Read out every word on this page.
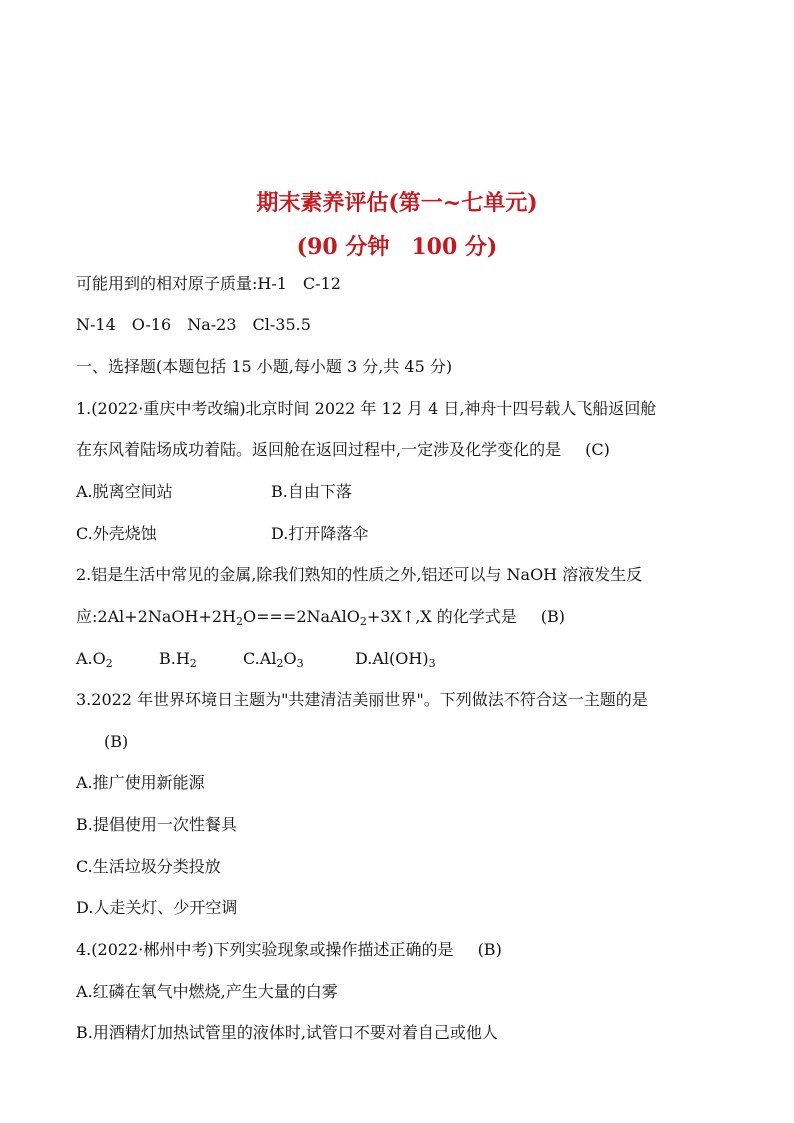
期末素养评估(第一~七单元)
(90 分钟　100 分)
可能用到的相对原子质量:H-1　C-12
N-14　O-16　Na-23　Cl-35.5
一、选择题(本题包括 15 小题,每小题 3 分,共 45 分)
1.(2022·重庆中考改编)北京时间 2022 年 12 月 4 日,神舟十四号载人飞船返回舱
在东风着陆场成功着陆。返回舱在返回过程中,一定涉及化学变化的是 (C)
A.脱离空间站	B.自由下落
C.外壳烧蚀	D.打开降落伞
2.铝是生活中常见的金属,除我们熟知的性质之外,铝还可以与 NaOH 溶液发生反
应$:2Al+2NaOH+2H_2O===2NaAlO_2+3X↑,X$ 的化学式是 (B)
$A.O_2$	$B.H_2$	$C.Al_2O_3$	$D.Al(OH)_3$
3.2022 年世界环境日主题为"共建清洁美丽世界"。下列做法不符合这一主题的是
(B)
A.推广使用新能源
B.提倡使用一次性餐具
C.生活垃圾分类投放
D.人走关灯、少开空调
4.(2022·郴州中考)下列实验现象或操作描述正确的是 (B)
A.红磷在氧气中燃烧,产生大量的白雾
B.用酒精灯加热试管里的液体时,试管口不要对着自己或他人
